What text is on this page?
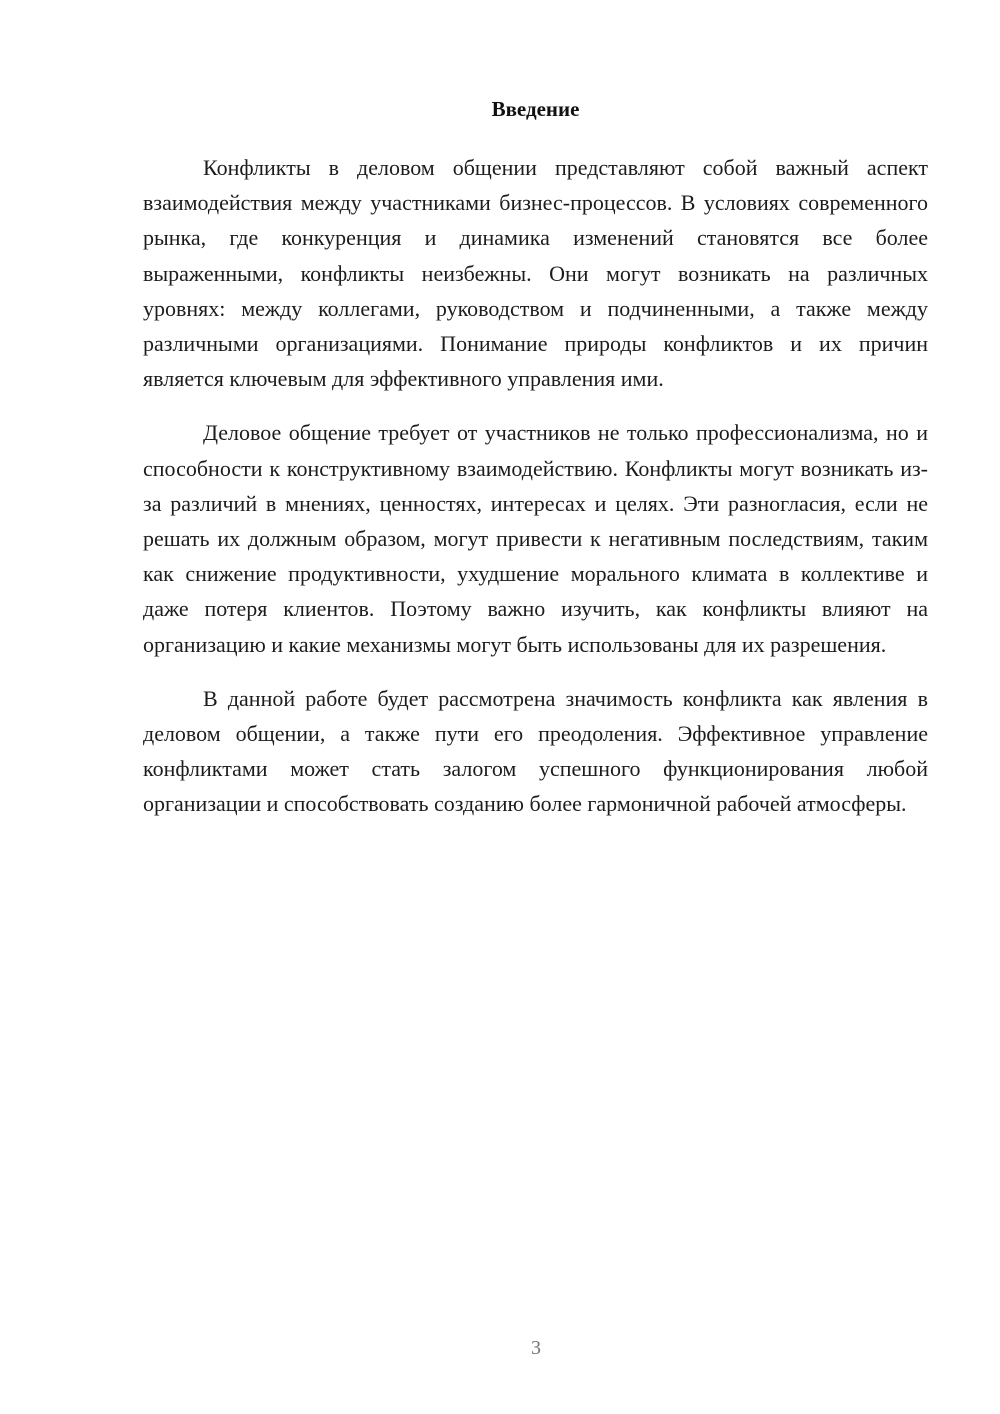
Введение

Конфликты в деловом общении представляют собой важный аспект взаимодействия между участниками бизнес-процессов. В условиях современного рынка, где конкуренция и динамика изменений становятся все более выраженными, конфликты неизбежны. Они могут возникать на различных уровнях: между коллегами, руководством и подчиненными, а также между различными организациями. Понимание природы конфликтов и их причин является ключевым для эффективного управления ими.

Деловое общение требует от участников не только профессионализма, но и способности к конструктивному взаимодействию. Конфликты могут возникать из-за различий в мнениях, ценностях, интересах и целях. Эти разногласия, если не решать их должным образом, могут привести к негативным последствиям, таким как снижение продуктивности, ухудшение морального климата в коллективе и даже потеря клиентов. Поэтому важно изучить, как конфликты влияют на организацию и какие механизмы могут быть использованы для их разрешения.

В данной работе будет рассмотрена значимость конфликта как явления в деловом общении, а также пути его преодоления. Эффективное управление конфликтами может стать залогом успешного функционирования любой организации и способствовать созданию более гармоничной рабочей атмосферы.

3
